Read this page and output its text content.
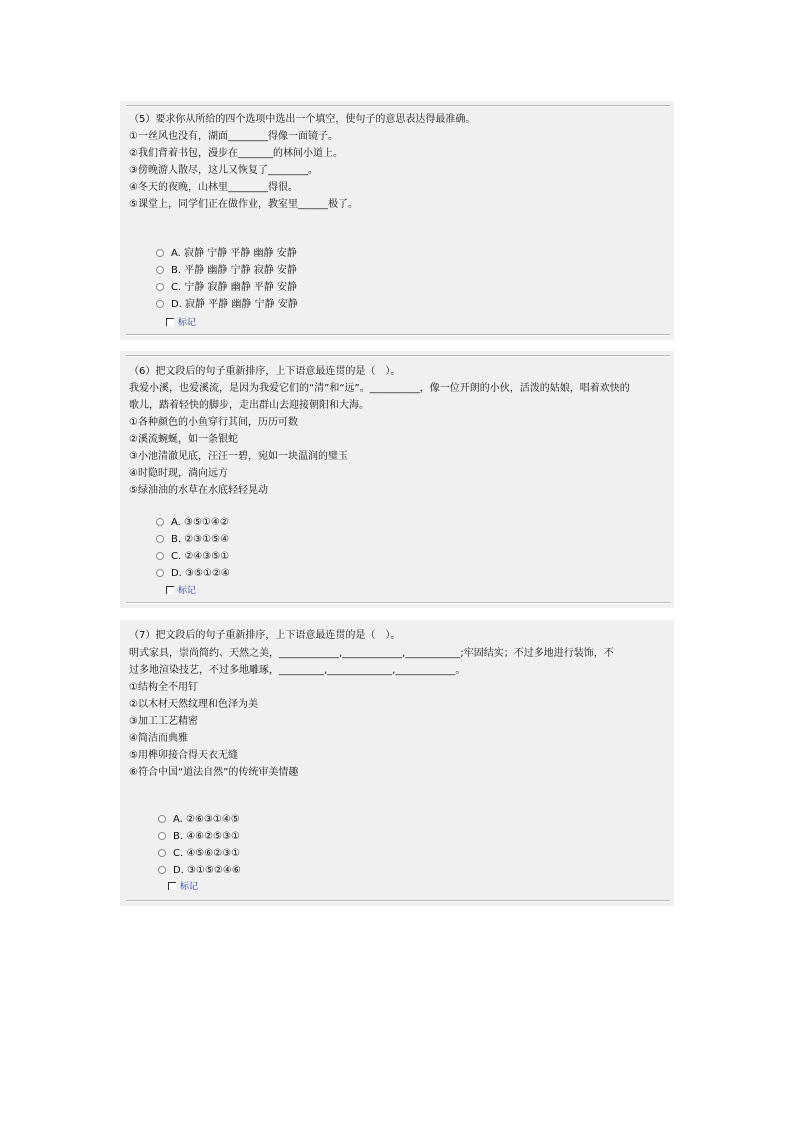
（5）要求你从所给的四个选项中选出一个填空，使句子的意思表达得最准确。
①一丝风也没有，湖面________得像一面镜子。
②我们背着书包，漫步在_______的林间小道上。
③傍晚游人散尽，这儿又恢复了________。
④冬天的夜晚，山林里________得很。
⑤课堂上，同学们正在做作业，教室里______极了。
A. 寂静 宁静 平静 幽静 安静
B. 平静 幽静 宁静 寂静 安静
C. 宁静 寂静 幽静 平静 安静
D. 寂静 平静 幽静 宁静 安静
标记
（6）把文段后的句子重新排序，上下语意最连贯的是（　）。
我爱小溪，也爱溪流，是因为我爱它们的“清”和“远”。__________，像一位开朗的小伙，活泼的姑娘，唱着欢快的
歌儿，踏着轻快的脚步，走出群山去迎接朝阳和大海。
①各种颜色的小鱼穿行其间，历历可数
②溪流蜿蜒，如一条银蛇
③小池清澈见底，汪汪一碧，宛如一块温润的璧玉
④时隐时现，淌向远方
⑤绿油油的水草在水底轻轻晃动
A. ③⑤①④②
B. ②③①⑤④
C. ②④③⑤①
D. ③⑤①②④
标记
（7）把文段后的句子重新排序，上下语意最连贯的是（　）。
明式家具，崇尚简约、天然之美，____________,____________,___________;牢固结实；不过多地进行装饰，不
过多地渲染技艺，不过多地雕琢，_________,_____________,____________。
①结构全不用钉
②以木材天然纹理和色泽为美
③加工工艺精密
④简洁而典雅
⑤用榫卯接合得天衣无缝
⑥符合中国“道法自然”的传统审美情趣
A. ②⑥③①④⑤
B. ④⑥②⑤③①
C. ④⑤⑥②③①
D. ③①⑤②④⑥
标记
